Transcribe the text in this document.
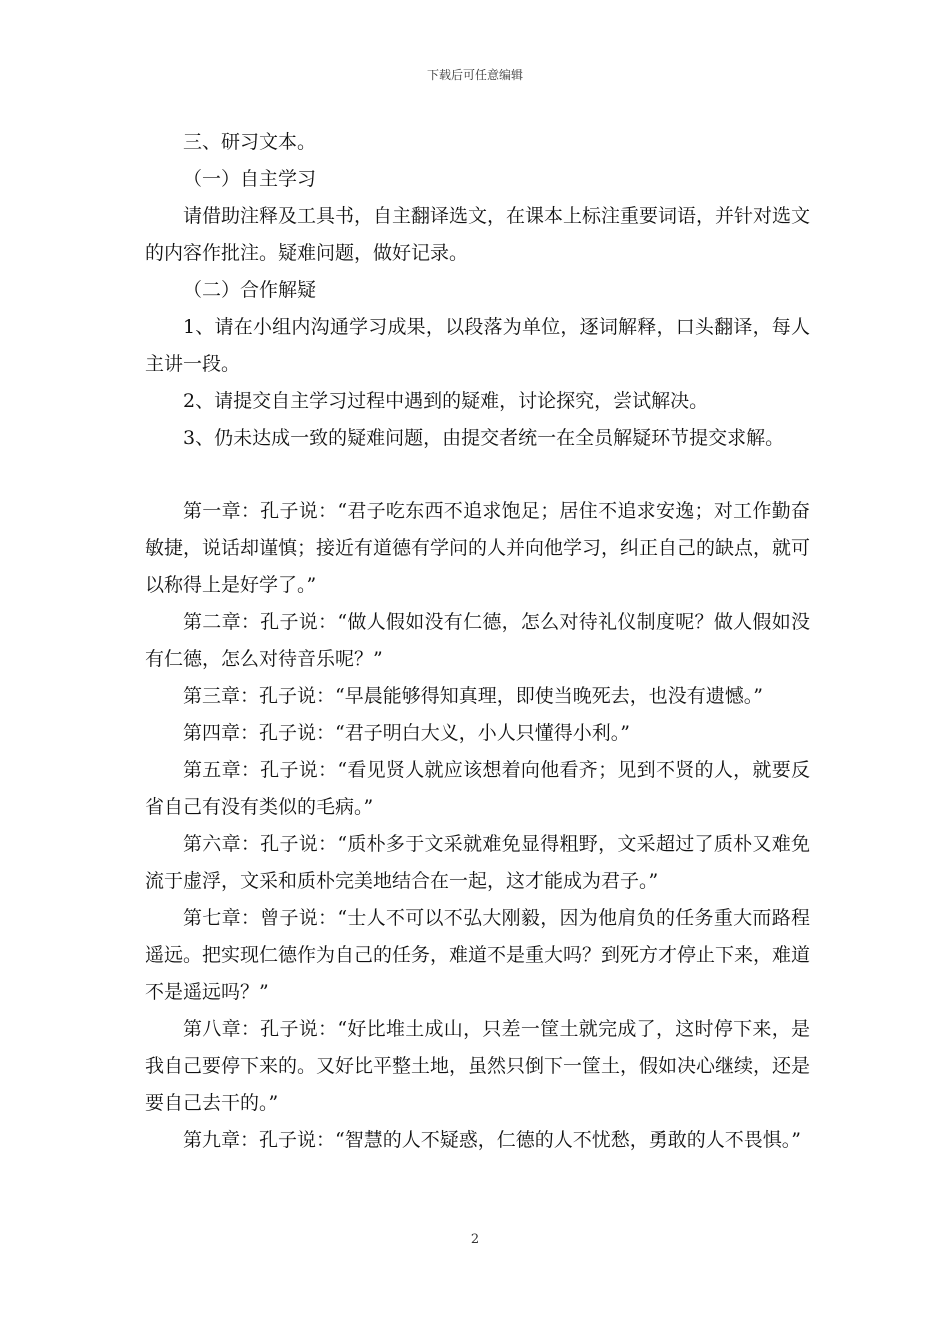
下载后可任意编辑

三、研习文本。

（一）自主学习

请借助注释及工具书，自主翻译选文，在课本上标注重要词语，并针对选文的内容作批注。疑难问题，做好记录。

（二）合作解疑

1、请在小组内沟通学习成果，以段落为单位，逐词解释，口头翻译，每人主讲一段。

2、请提交自主学习过程中遇到的疑难，讨论探究，尝试解决。

3、仍未达成一致的疑难问题，由提交者统一在全员解疑环节提交求解。

第一章：孔子说：“君子吃东西不追求饱足；居住不追求安逸；对工作勤奋敏捷，说话却谨慎；接近有道德有学问的人并向他学习，纠正自己的缺点，就可以称得上是好学了。”

第二章：孔子说：“做人假如没有仁德，怎么对待礼仪制度呢？做人假如没有仁德，怎么对待音乐呢？”

第三章：孔子说：“早晨能够得知真理，即使当晚死去，也没有遗憾。”

第四章：孔子说：“君子明白大义，小人只懂得小利。”

第五章：孔子说：“看见贤人就应该想着向他看齐；见到不贤的人，就要反省自己有没有类似的毛病。”

第六章：孔子说：“质朴多于文采就难免显得粗野，文采超过了质朴又难免流于虚浮，文采和质朴完美地结合在一起，这才能成为君子。”

第七章：曾子说：“士人不可以不弘大刚毅，因为他肩负的任务重大而路程遥远。把实现仁德作为自己的任务，难道不是重大吗？到死方才停止下来，难道不是遥远吗？”

第八章：孔子说：“好比堆土成山，只差一筐土就完成了，这时停下来，是我自己要停下来的。又好比平整土地，虽然只倒下一筐土，假如决心继续，还是要自己去干的。”

第九章：孔子说：“智慧的人不疑惑，仁德的人不忧愁，勇敢的人不畏惧。”

2
